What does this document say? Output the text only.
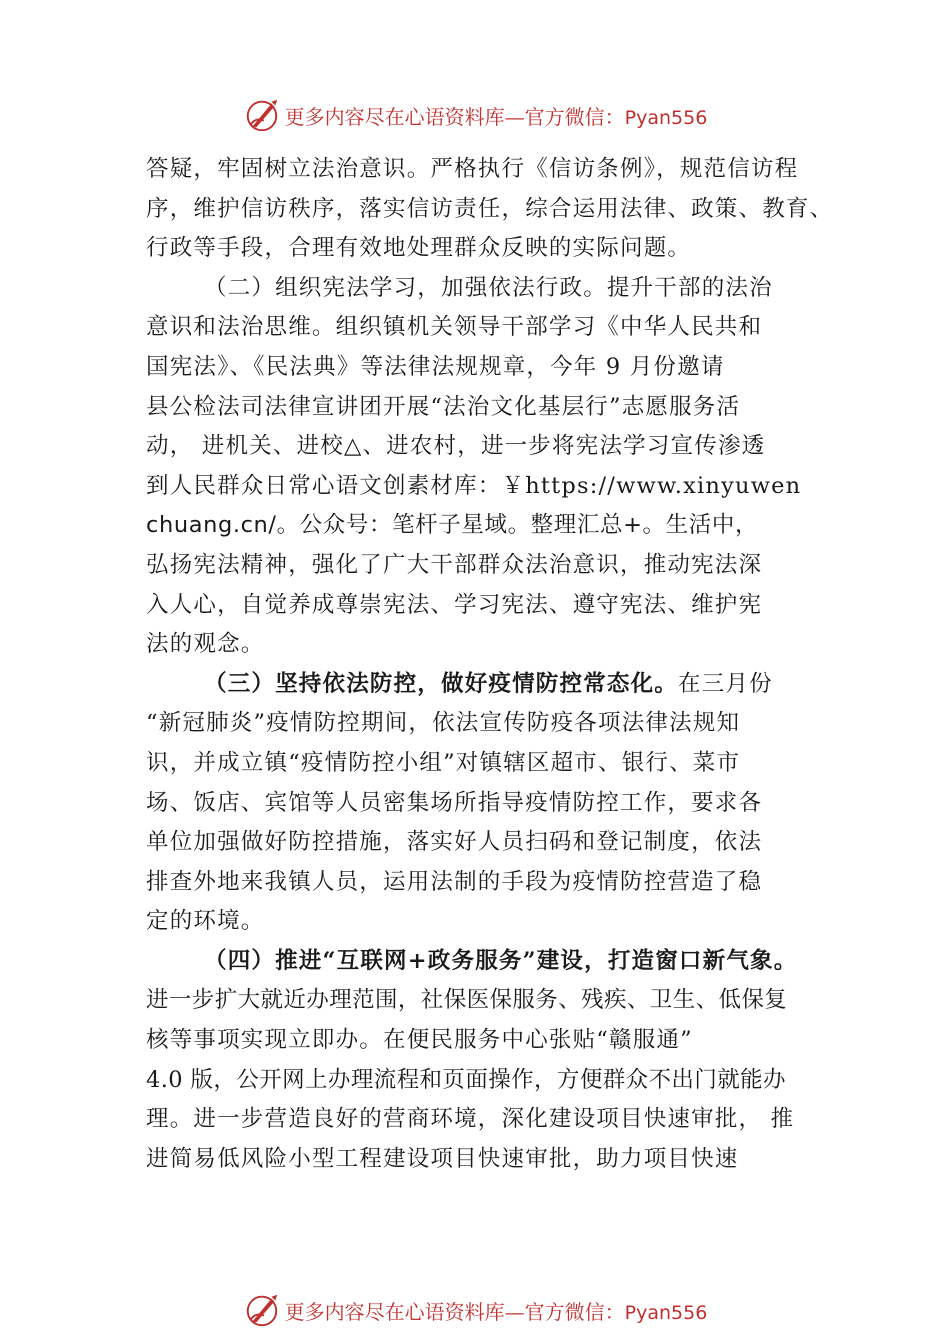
更多内容尽在心语资料库—官方微信：Pyan556
答疑，牢固树立法治意识。严格执行《信访条例》，规范信访程
序，维护信访秩序，落实信访责任，综合运用法律、政策、教育、
行政等手段，合理有效地处理群众反映的实际问题。
（二）组织宪法学习，加强依法行政。提升干部的法治
意识和法治思维。组织镇机关领导干部学习《中华人民共和
国宪法》、《民法典》等法律法规规章，今年 9 月份邀请
县公检法司法律宣讲团开展“法治文化基层行”志愿服务活
动， 进机关、进校△、进农村，进一步将宪法学习宣传渗透
到人民群众日常心语文创素材库：￥https://www.xinyuwen
chuang.cn/。公众号：笔杆子星域。整理汇总+。生活中，
弘扬宪法精神，强化了广大干部群众法治意识，推动宪法深
入人心，自觉养成尊崇宪法、学习宪法、遵守宪法、维护宪
法的观念。
（三）坚持依法防控，做好疫情防控常态化。在三月份
“新冠肺炎”疫情防控期间，依法宣传防疫各项法律法规知
识，并成立镇“疫情防控小组”对镇辖区超市、银行、菜市
场、饭店、宾馆等人员密集场所指导疫情防控工作，要求各
单位加强做好防控措施，落实好人员扫码和登记制度，依法
排查外地来我镇人员，运用法制的手段为疫情防控营造了稳
定的环境。
（四）推进“互联网+政务服务”建设，打造窗口新气象。
进一步扩大就近办理范围，社保医保服务、残疾、卫生、低保复
核等事项实现立即办。在便民服务中心张贴“赣服通”
4.0 版，公开网上办理流程和页面操作，方便群众不出门就能办
理。进一步营造良好的营商环境，深化建设项目快速审批， 推
进简易低风险小型工程建设项目快速审批，助力项目快速
更多内容尽在心语资料库—官方微信：Pyan556
